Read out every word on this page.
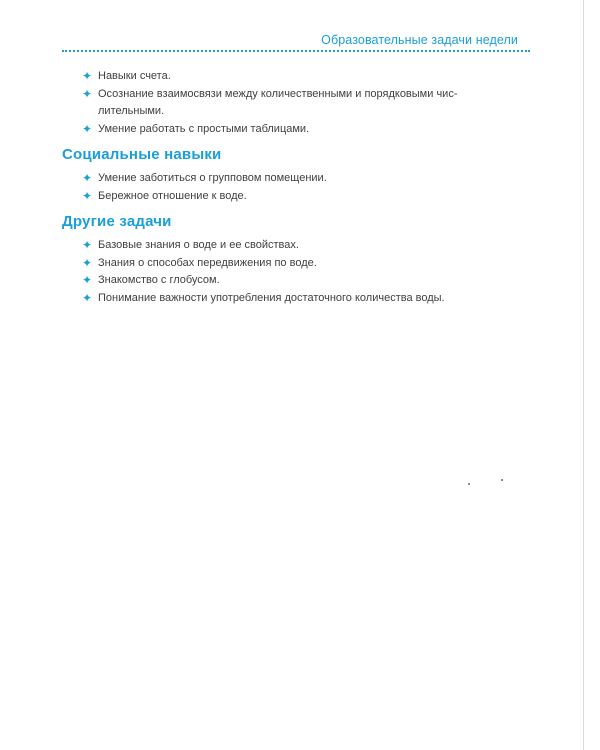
Образовательные задачи недели
✦ Навыки счета.
✦ Осознание взаимосвязи между количественными и порядковыми чис-лительными.
✦ Умение работать с простыми таблицами.
Социальные навыки
✦ Умение заботиться о групповом помещении.
✦ Бережное отношение к воде.
Другие задачи
✦ Базовые знания о воде и ее свойствах.
✦ Знания о способах передвижения по воде.
✦ Знакомство с глобусом.
✦ Понимание важности употребления достаточного количества воды.
